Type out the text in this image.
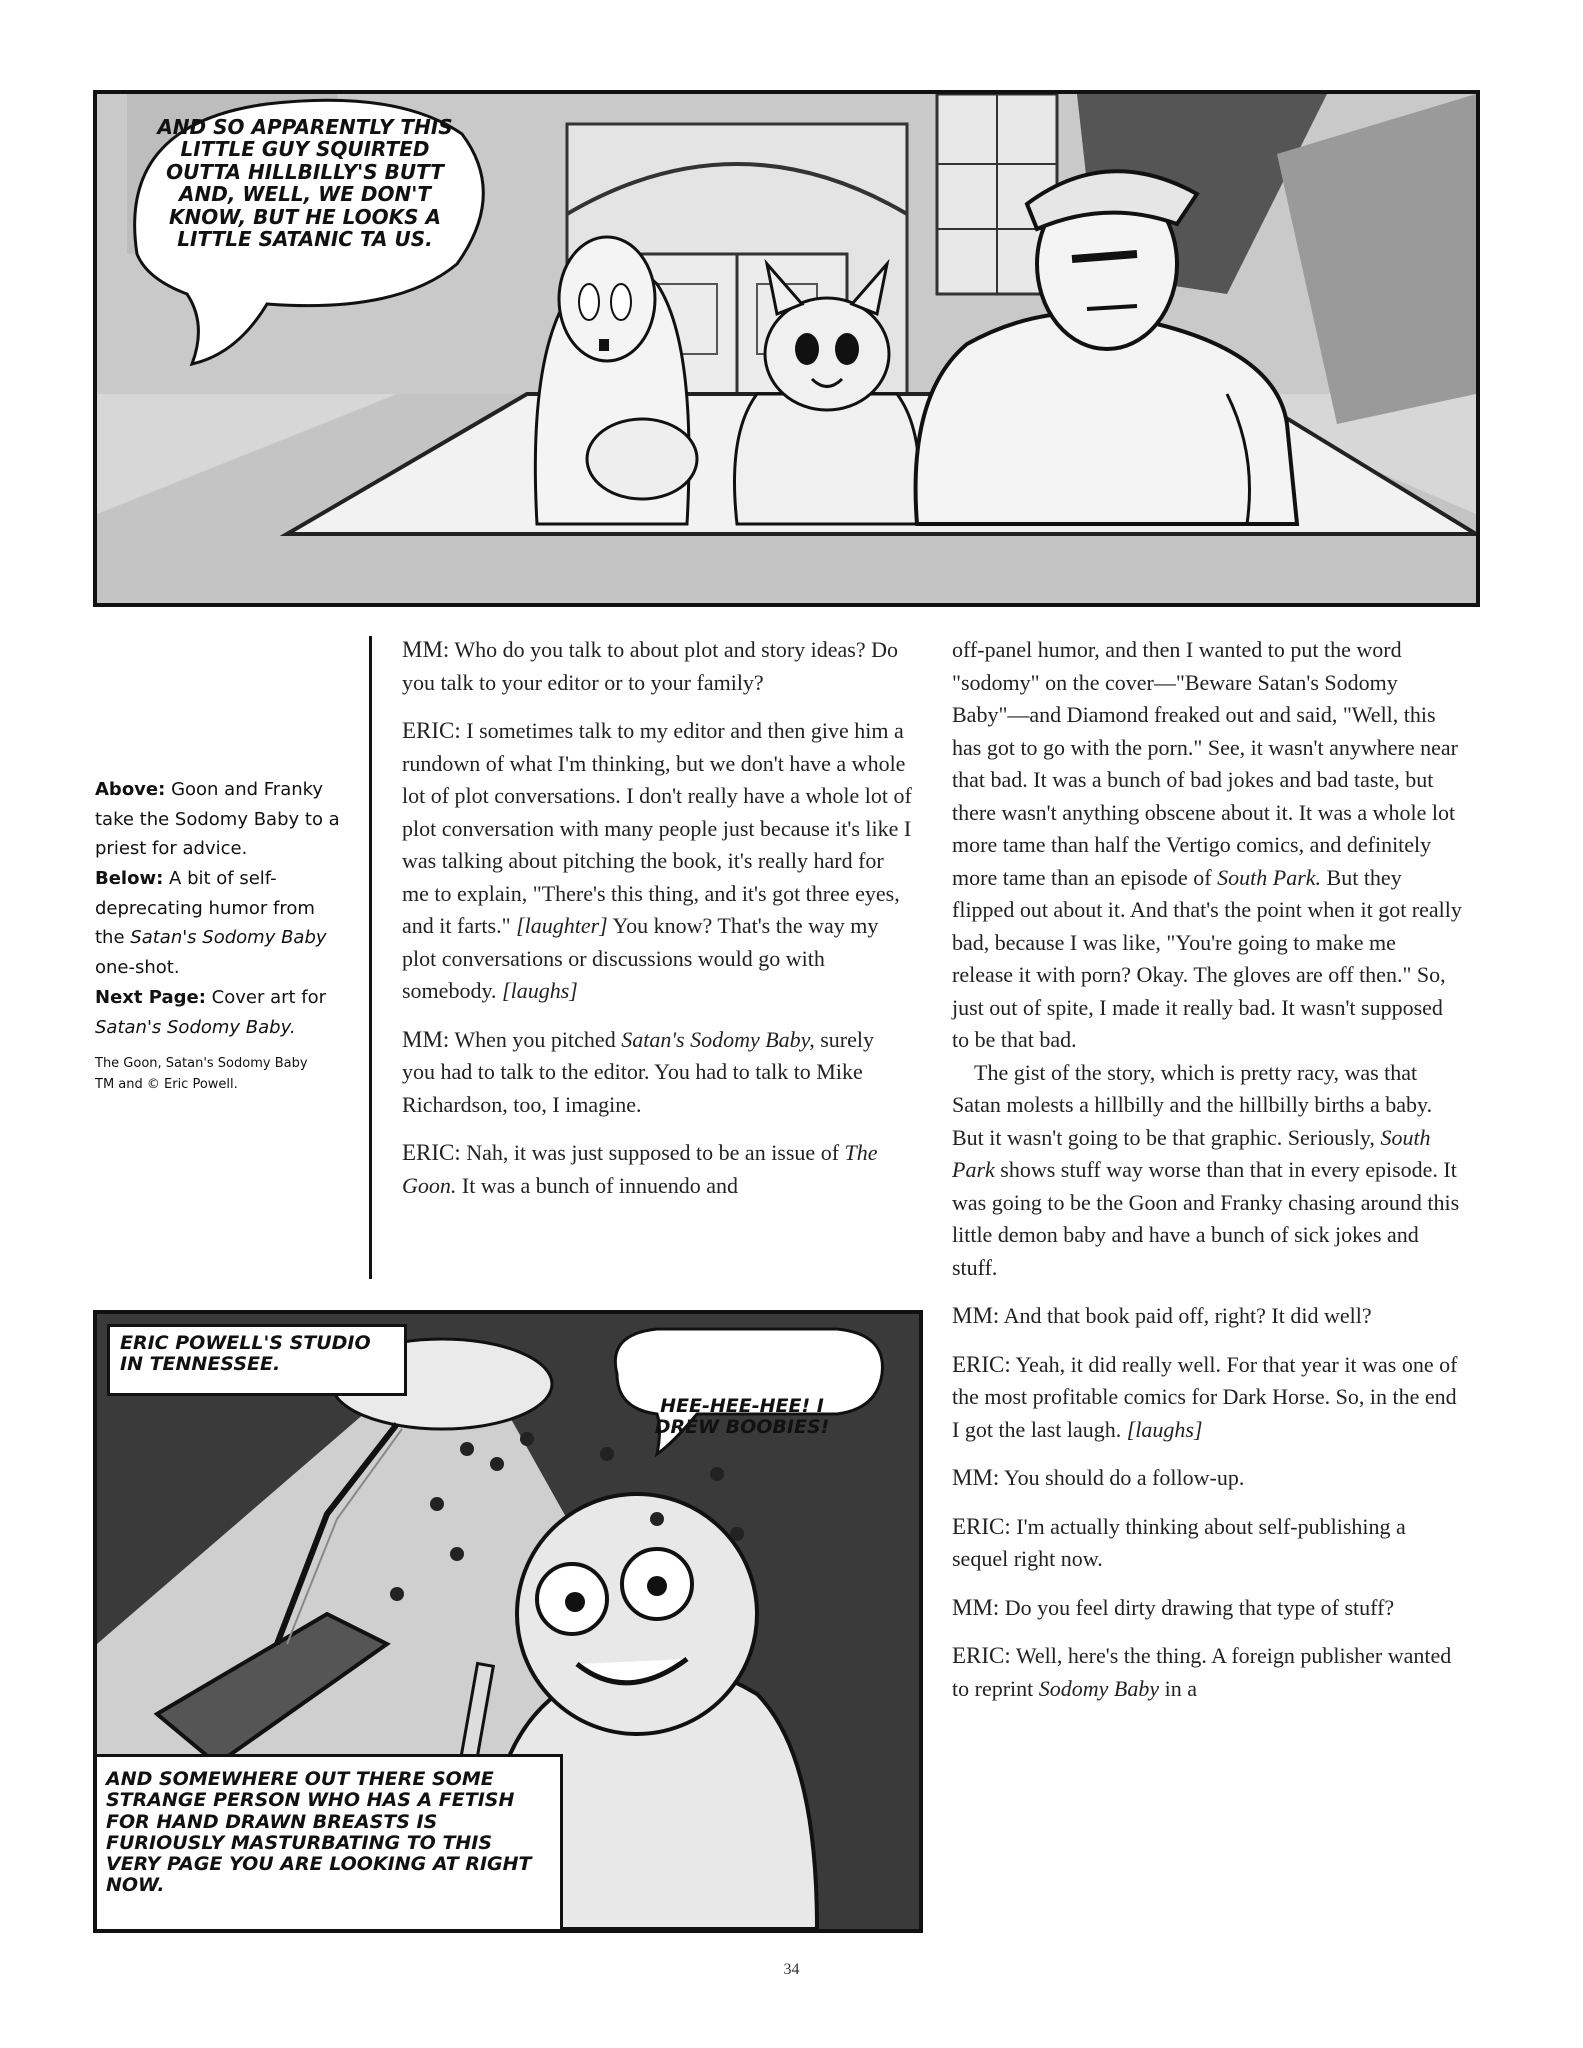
AND SO APPARENTLY THIS LITTLE GUY SQUIRTED OUTTA HILLBILLY'S BUTT AND, WELL, WE DON'T KNOW, BUT HE LOOKS A LITTLE SATANIC TA US.

Above: Goon and Franky take the Sodomy Baby to a priest for advice.

Below: A bit of self-deprecating humor from the Satan's Sodomy Baby one-shot.

Next Page: Cover art for Satan's Sodomy Baby.

The Goon, Satan's Sodomy Baby
TM and © Eric Powell.

MM: Who do you talk to about plot and story ideas? Do you talk to your editor or to your family?

ERIC: I sometimes talk to my editor and then give him a rundown of what I'm thinking, but we don't have a whole lot of plot conversations. I don't really have a whole lot of plot conversation with many people just because it's like I was talking about pitching the book, it's really hard for me to explain, "There's this thing, and it's got three eyes, and it farts." [laughter] You know? That's the way my plot conversations or discussions would go with somebody. [laughs]

MM: When you pitched Satan's Sodomy Baby, surely you had to talk to the editor. You had to talk to Mike Richardson, too, I imagine.

ERIC: Nah, it was just supposed to be an issue of The Goon. It was a bunch of innuendo and

off-panel humor, and then I wanted to put the word "sodomy" on the cover—"Beware Satan's Sodomy Baby"—and Diamond freaked out and said, "Well, this has got to go with the porn." See, it wasn't anywhere near that bad. It was a bunch of bad jokes and bad taste, but there wasn't anything obscene about it. It was a whole lot more tame than half the Vertigo comics, and definitely more tame than an episode of South Park. But they flipped out about it. And that's the point when it got really bad, because I was like, "You're going to make me release it with porn? Okay. The gloves are off then." So, just out of spite, I made it really bad. It wasn't supposed to be that bad.

The gist of the story, which is pretty racy, was that Satan molests a hillbilly and the hillbilly births a baby. But it wasn't going to be that graphic. Seriously, South Park shows stuff way worse than that in every episode. It was going to be the Goon and Franky chasing around this little demon baby and have a bunch of sick jokes and stuff.

MM: And that book paid off, right? It did well?

ERIC: Yeah, it did really well. For that year it was one of the most profitable comics for Dark Horse. So, in the end I got the last laugh. [laughs]

MM: You should do a follow-up.

ERIC: I'm actually thinking about self-publishing a sequel right now.

MM: Do you feel dirty drawing that type of stuff?

ERIC: Well, here's the thing. A foreign publisher wanted to reprint Sodomy Baby in a

ERIC POWELL'S STUDIO IN TENNESSEE.
HEE-HEE-HEE! I DREW BOOBIES!
AND SOMEWHERE OUT THERE SOME STRANGE PERSON WHO HAS A FETISH FOR HAND DRAWN BREASTS IS FURIOUSLY MASTURBATING TO THIS VERY PAGE YOU ARE LOOKING AT RIGHT NOW.
34
